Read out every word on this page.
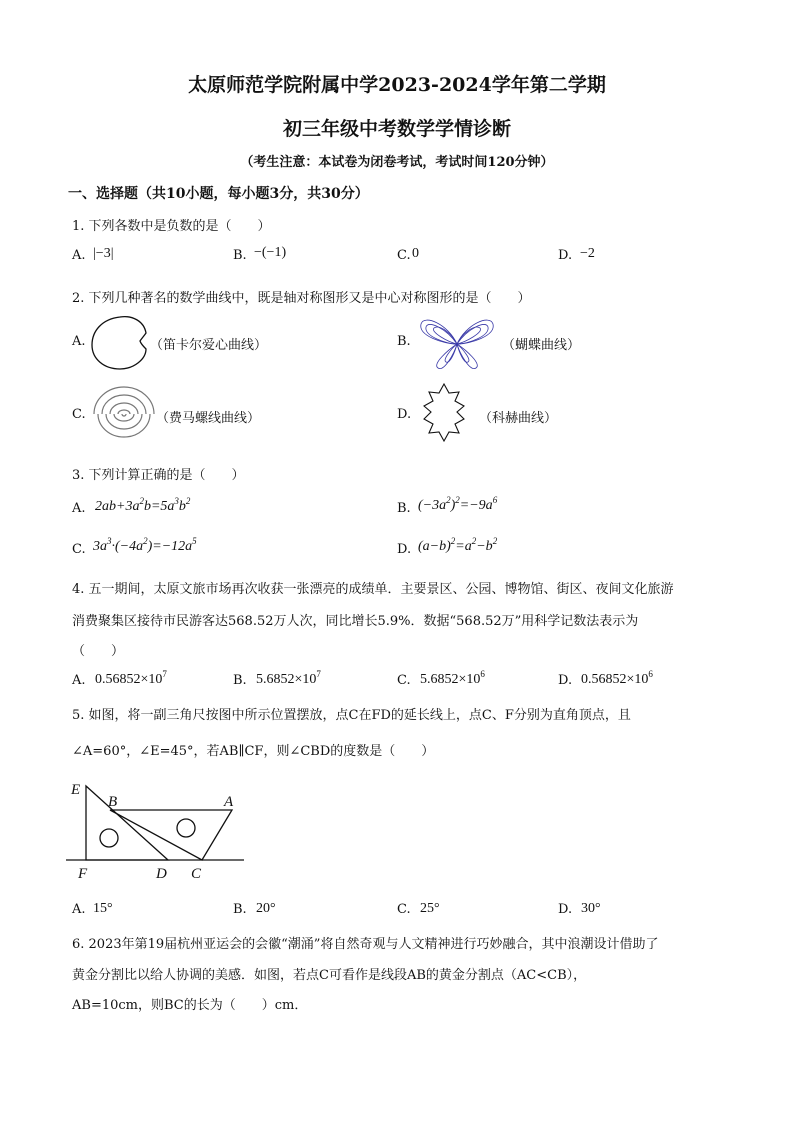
太原师范学院附属中学2023-2024学年第二学期
初三年级中考数学学情诊断
（考生注意：本试卷为闭卷考试，考试时间120分钟）
一、选择题（共10小题，每小题3分，共30分）
1. 下列各数中是负数的是（　　）
A. |−3|	B. −(−1)	C. 0	D. −2
2. 下列几种著名的数学曲线中，既是轴对称图形又是中心对称图形的是（　　）
A.	（笛卡尔爱心曲线）	B.	（蝴蝶曲线）
C.	（费马螺线曲线）	D.	（科赫曲线）
3. 下列计算正确的是（　　）
A. $2ab+3a^2b=5a^3b^2$	B. $(-3a^2)^2=-9a^6$
C. $3a^3\cdot(-4a^2)=-12a^5$
D. $(a-b)^2=a^2-b^2$
4. 五一期间，太原文旅市场再次收获一张漂亮的成绩单．主要景区、公园、博物馆、街区、夜间文化旅游
消费聚集区接待市民游客达568.52万人次，同比增长5.9%．数据“568.52万”用科学记数法表示为
（　　）
A. $0.56852\times 10^7$	B. $5.6852\times 10^7$	C. $5.6852\times 10^6$	D. $0.56852\times 10^6$
5. 如图，将一副三角尺按图中所示位置摆放，点C在FD的延长线上，点C、F分别为直角顶点，且
∠A=60°，∠E=45°，若AB∥CF，则∠CBD的度数是（　　）
E
B	A
F	D C
A. 15°	B. 20°	C. 25°	D. 30°
6. 2023年第19届杭州亚运会的会徽“潮涌”将自然奇观与人文精神进行巧妙融合，其中浪潮设计借助了
黄金分割比以给人协调的美感．如图，若点C可看作是线段AB的黄金分割点（AC<CB），
AB=10cm，则BC的长为（　　）cm．
